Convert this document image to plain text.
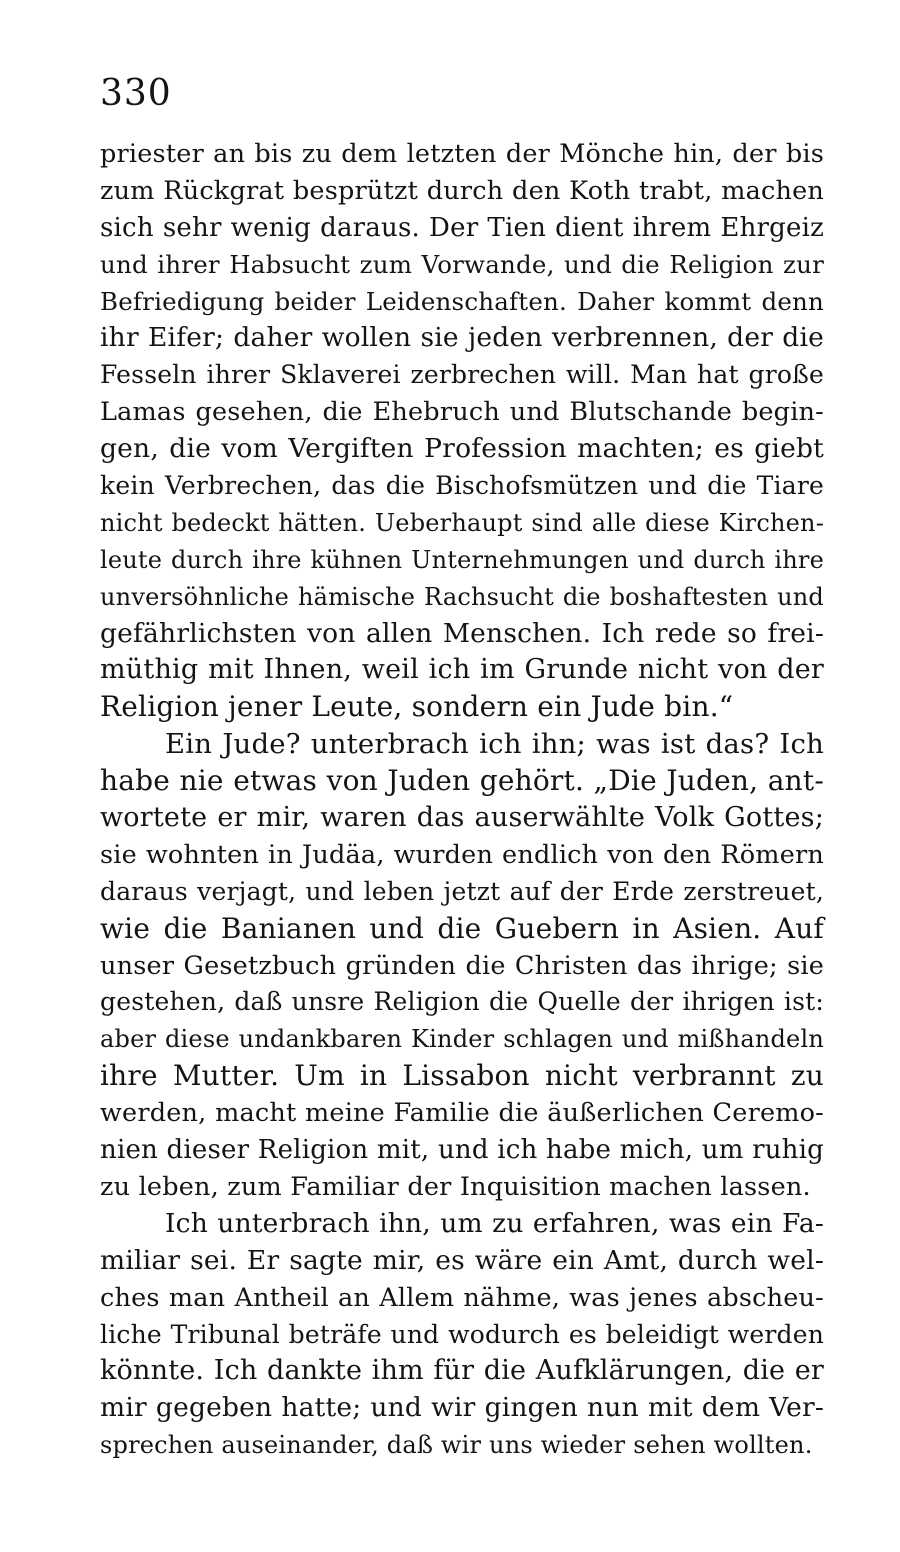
330
priester an bis zu dem letzten der Mönche hin, der bis
zum Rückgrat besprützt durch den Koth trabt, machen
sich sehr wenig daraus. Der Tien dient ihrem Ehrgeiz
und ihrer Habsucht zum Vorwande, und die Religion zur
Befriedigung beider Leidenschaften. Daher kommt denn
ihr Eifer; daher wollen sie jeden verbrennen, der die
Fesseln ihrer Sklaverei zerbrechen will. Man hat große
Lamas gesehen, die Ehebruch und Blutschande begin-
gen, die vom Vergiften Profession machten; es giebt
kein Verbrechen, das die Bischofsmützen und die Tiare
nicht bedeckt hätten. Ueberhaupt sind alle diese Kirchen-
leute durch ihre kühnen Unternehmungen und durch ihre
unversöhnliche hämische Rachsucht die boshaftesten und
gefährlichsten von allen Menschen. Ich rede so frei-
müthig mit Ihnen, weil ich im Grunde nicht von der
Religion jener Leute, sondern ein Jude bin.“
Ein Jude? unterbrach ich ihn; was ist das? Ich
habe nie etwas von Juden gehört. „Die Juden, ant-
wortete er mir, waren das auserwählte Volk Gottes;
sie wohnten in Judäa, wurden endlich von den Römern
daraus verjagt, und leben jetzt auf der Erde zerstreuet,
wie die Banianen und die Guebern in Asien. Auf
unser Gesetzbuch gründen die Christen das ihrige; sie
gestehen, daß unsre Religion die Quelle der ihrigen ist:
aber diese undankbaren Kinder schlagen und mißhandeln
ihre Mutter. Um in Lissabon nicht verbrannt zu
werden, macht meine Familie die äußerlichen Ceremo-
nien dieser Religion mit, und ich habe mich, um ruhig
zu leben, zum Familiar der Inquisition machen lassen.
Ich unterbrach ihn, um zu erfahren, was ein Fa-
miliar sei. Er sagte mir, es wäre ein Amt, durch wel-
ches man Antheil an Allem nähme, was jenes abscheu-
liche Tribunal beträfe und wodurch es beleidigt werden
könnte. Ich dankte ihm für die Aufklärungen, die er
mir gegeben hatte; und wir gingen nun mit dem Ver-
sprechen auseinander, daß wir uns wieder sehen wollten.
